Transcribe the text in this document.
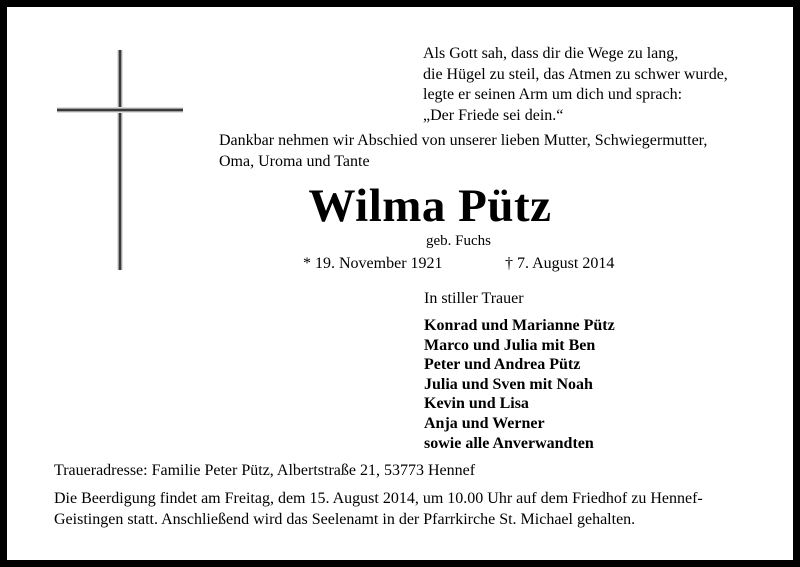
Als Gott sah, dass dir die Wege zu lang,
die Hügel zu steil, das Atmen zu schwer wurde,
legte er seinen Arm um dich und sprach:
„Der Friede sei dein.“
Dankbar nehmen wir Abschied von unserer lieben Mutter, Schwiegermutter,
Oma, Uroma und Tante
Wilma Pütz
geb. Fuchs
* 19. November 1921	† 7. August 2014
In stiller Trauer
Konrad und Marianne Pütz
Marco und Julia mit Ben
Peter und Andrea Pütz
Julia und Sven mit Noah
Kevin und Lisa
Anja und Werner
sowie alle Anverwandten
Traueradresse: Familie Peter Pütz, Albertstraße 21, 53773 Hennef
Die Beerdigung findet am Freitag, dem 15. August 2014, um 10.00 Uhr auf dem Friedhof zu Hennef-
Geistingen statt. Anschließend wird das Seelenamt in der Pfarrkirche St. Michael gehalten.
